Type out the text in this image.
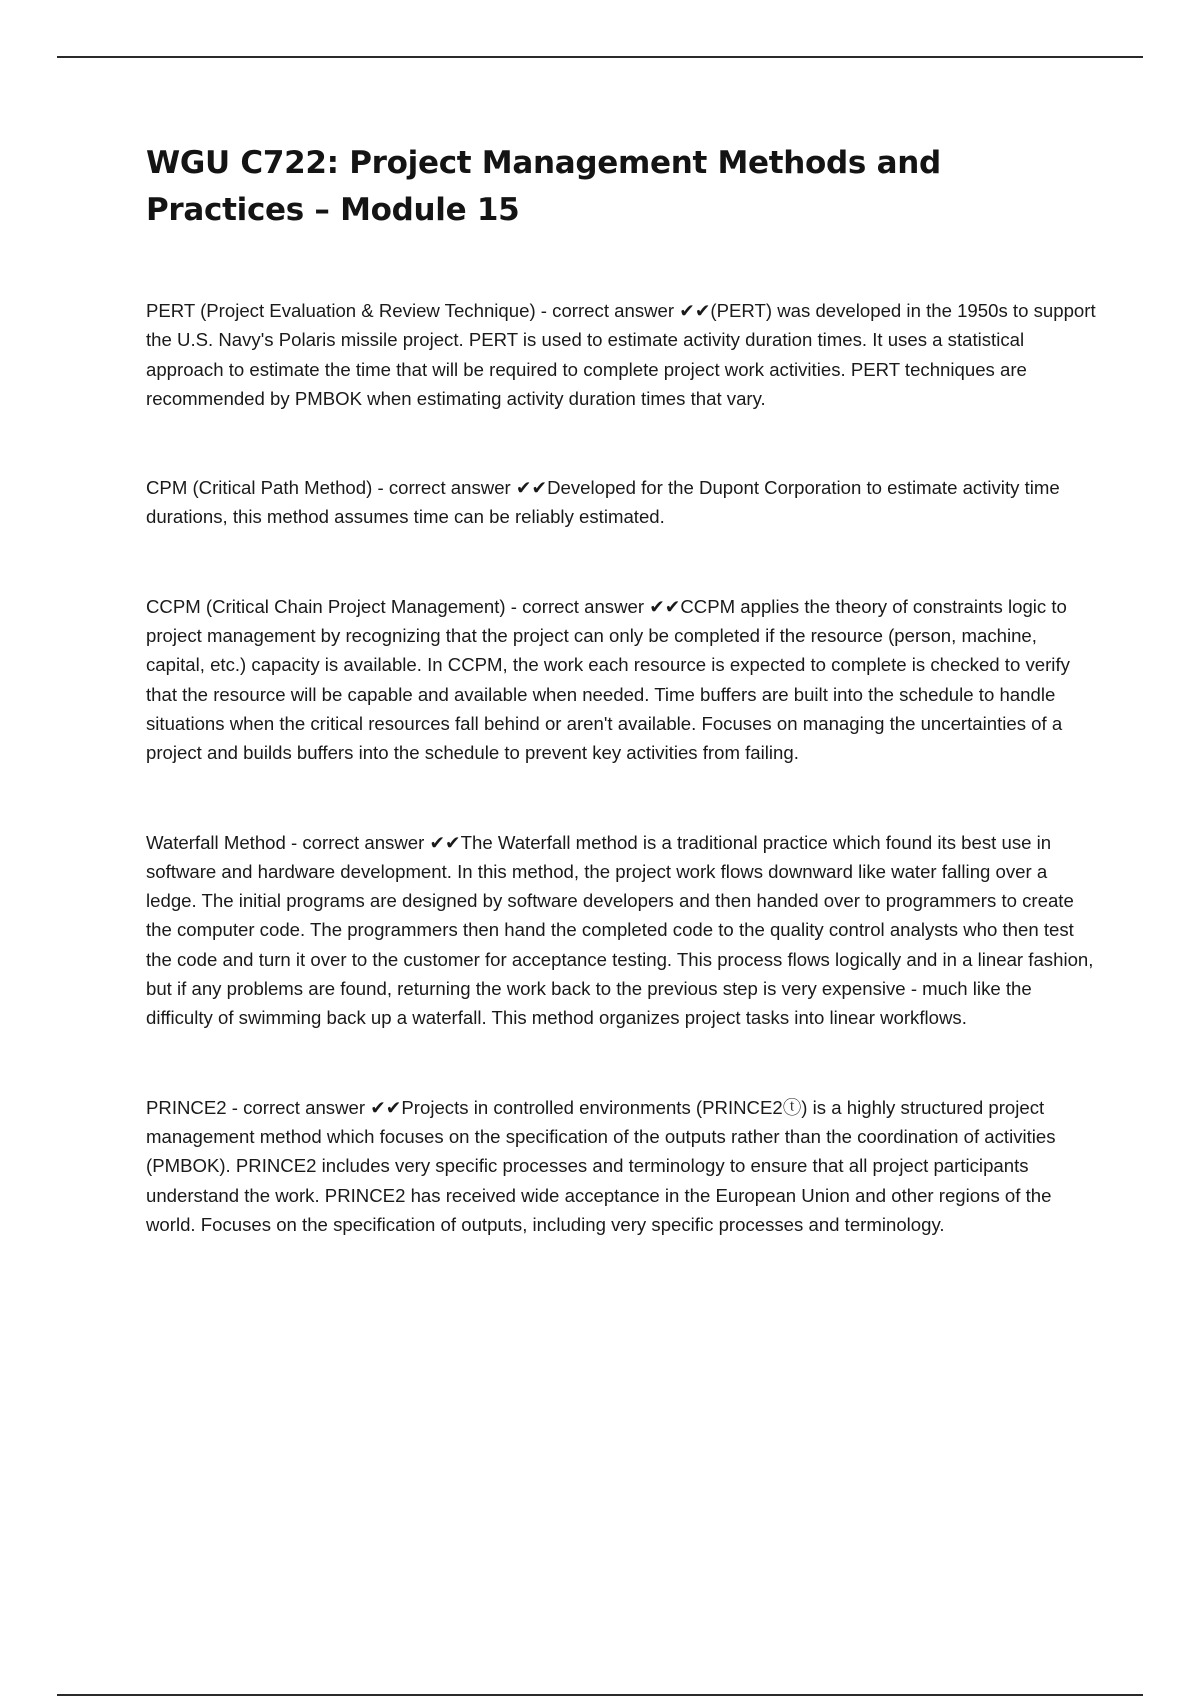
WGU C722: Project Management Methods and Practices – Module 15

PERT (Project Evaluation & Review Technique) - correct answer ✔✔(PERT) was developed in the 1950s to support the U.S. Navy's Polaris missile project. PERT is used to estimate activity duration times. It uses a statistical approach to estimate the time that will be required to complete project work activities. PERT techniques are recommended by PMBOK when estimating activity duration times that vary.

CPM (Critical Path Method) - correct answer ✔✔Developed for the Dupont Corporation to estimate activity time durations, this method assumes time can be reliably estimated.

CCPM (Critical Chain Project Management) - correct answer ✔✔CCPM applies the theory of constraints logic to project management by recognizing that the project can only be completed if the resource (person, machine, capital, etc.) capacity is available. In CCPM, the work each resource is expected to complete is checked to verify that the resource will be capable and available when needed. Time buffers are built into the schedule to handle situations when the critical resources fall behind or aren't available. Focuses on managing the uncertainties of a project and builds buffers into the schedule to prevent key activities from failing.

Waterfall Method - correct answer ✔✔The Waterfall method is a traditional practice which found its best use in software and hardware development. In this method, the project work flows downward like water falling over a ledge. The initial programs are designed by software developers and then handed over to programmers to create the computer code. The programmers then hand the completed code to the quality control analysts who then test the code and turn it over to the customer for acceptance testing. This process flows logically and in a linear fashion, but if any problems are found, returning the work back to the previous step is very expensive - much like the difficulty of swimming back up a waterfall. This method organizes project tasks into linear workflows.

PRINCE2 - correct answer ✔✔Projects in controlled environments (PRINCE2ⓣ) is a highly structured project management method which focuses on the specification of the outputs rather than the coordination of activities (PMBOK). PRINCE2 includes very specific processes and terminology to ensure that all project participants understand the work. PRINCE2 has received wide acceptance in the European Union and other regions of the world. Focuses on the specification of outputs, including very specific processes and terminology.
